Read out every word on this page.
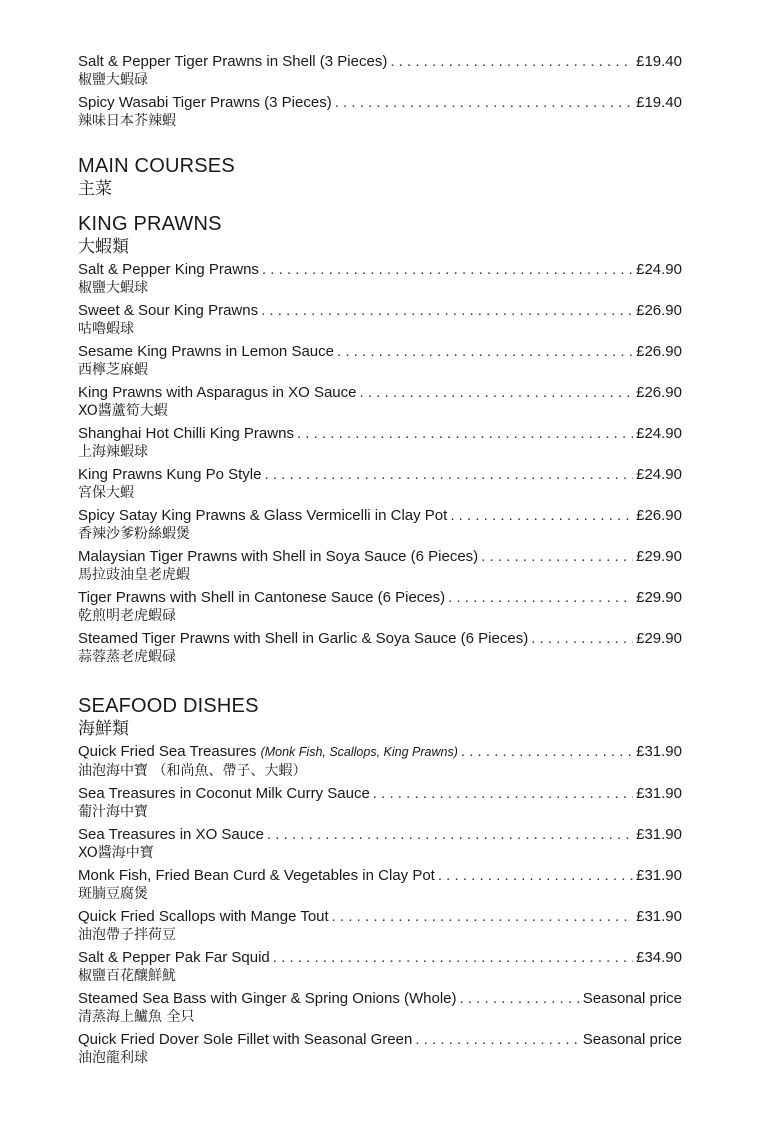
Salt & Pepper Tiger Prawns in Shell (3 Pieces) . . .	£19.40
椒鹽大蝦碌
Spicy Wasabi Tiger Prawns (3 Pieces) . . .	£19.40
辣味日本芥辣蝦
MAIN COURSES
主菜
KING PRAWNS
大蝦類
Salt & Pepper King Prawns . . .	£24.90
椒鹽大蝦球
Sweet & Sour King Prawns . . .	£26.90
咕嚕蝦球
Sesame King Prawns in Lemon Sauce . . .	£26.90
西檸芝麻蝦
King Prawns with Asparagus in XO Sauce . . .	£26.90
XO醬蘆筍大蝦
Shanghai Hot Chilli King Prawns . . .	£24.90
上海辣蝦球
King Prawns Kung Po Style . . .	£24.90
宮保大蝦
Spicy Satay King Prawns & Glass Vermicelli in Clay Pot . . .	£26.90
香辣沙爹粉絲蝦煲
Malaysian Tiger Prawns with Shell in Soya Sauce (6 Pieces) . . .	£29.90
馬拉豉油皇老虎蝦
Tiger Prawns with Shell in Cantonese Sauce (6 Pieces) . . .	£29.90
乾煎明老虎蝦碌
Steamed Tiger Prawns with Shell in Garlic & Soya Sauce (6 Pieces) . . .	£29.90
蒜蓉蒸老虎蝦碌
SEAFOOD DISHES
海鮮類
Quick Fried Sea Treasures (Monk Fish, Scallops, King Prawns) . . .	£31.90
油泡海中寶 （和尚魚、帶子、大蝦）
Sea Treasures in Coconut Milk Curry Sauce . . .	£31.90
葡汁海中寶
Sea Treasures in XO Sauce . . .	£31.90
XO醬海中寶
Monk Fish, Fried Bean Curd & Vegetables in Clay Pot . . .	£31.90
斑腩豆腐煲
Quick Fried Scallops with Mange Tout . . .	£31.90
油泡帶子拌荷豆
Salt & Pepper Pak Far Squid . . .	£34.90
椒鹽百花釀鮮魷
Steamed Sea Bass with Ginger & Spring Onions (Whole) . . .	Seasonal price
清蒸海上鱸魚 全只
Quick Fried Dover Sole Fillet with Seasonal Green . . .	Seasonal price
油泡龍利球
